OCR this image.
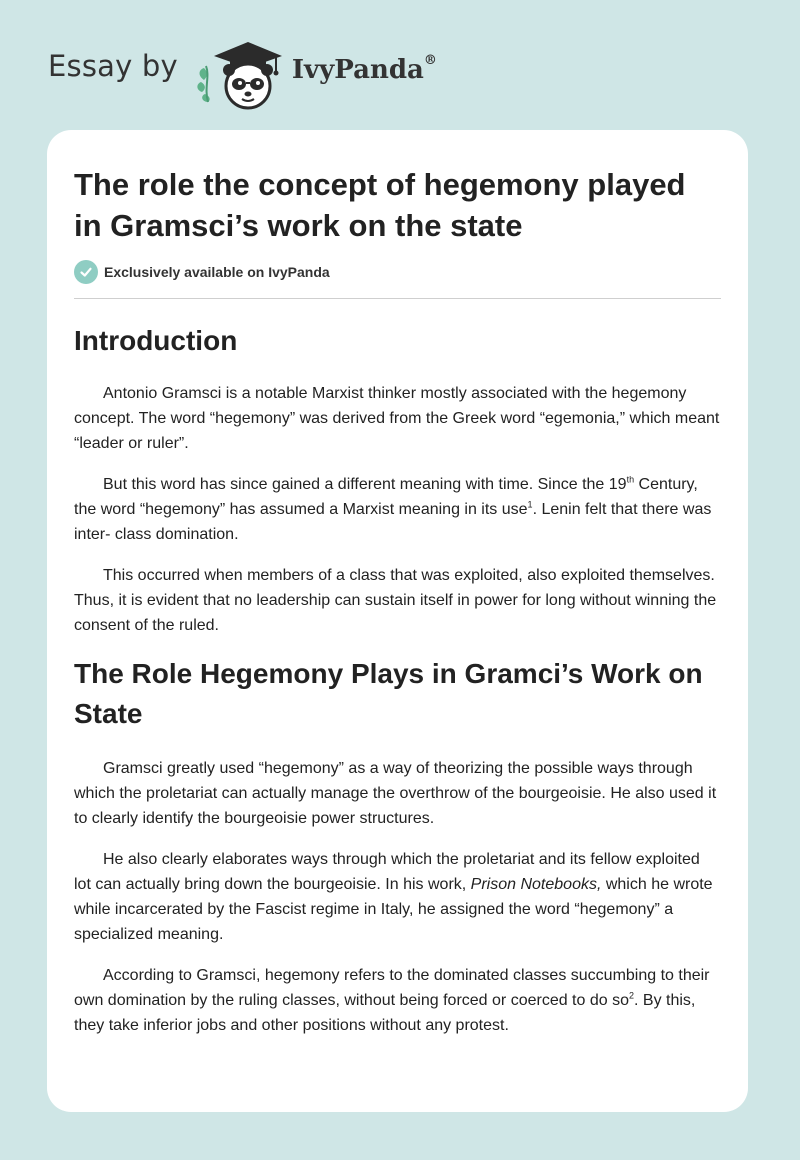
Essay by	IvyPanda®
The role the concept of hegemony played in Gramsci’s work on the state
Exclusively available on IvyPanda
Introduction

Antonio Gramsci is a notable Marxist thinker mostly associated with the hegemony concept. The word “hegemony” was derived from the Greek word “egemonia,” which meant “leader or ruler”.

But this word has since gained a different meaning with time. Since the 19th Century, the word “hegemony” has assumed a Marxist meaning in its use$^1$. Lenin felt that there was inter- class domination.

This occurred when members of a class that was exploited, also exploited themselves. Thus, it is evident that no leadership can sustain itself in power for long without winning the consent of the ruled.

The Role Hegemony Plays in Gramci’s Work on State

Gramsci greatly used “hegemony” as a way of theorizing the possible ways through which the proletariat can actually manage the overthrow of the bourgeoisie. He also used it to clearly identify the bourgeoisie power structures.

He also clearly elaborates ways through which the proletariat and its fellow exploited lot can actually bring down the bourgeoisie. In his work, Prison Notebooks, which he wrote while incarcerated by the Fascist regime in Italy, he assigned the word “hegemony” a specialized meaning.

According to Gramsci, hegemony refers to the dominated classes succumbing to their own domination by the ruling classes, without being forced or coerced to do $so^2$. By this, they take inferior jobs and other positions without any protest.
